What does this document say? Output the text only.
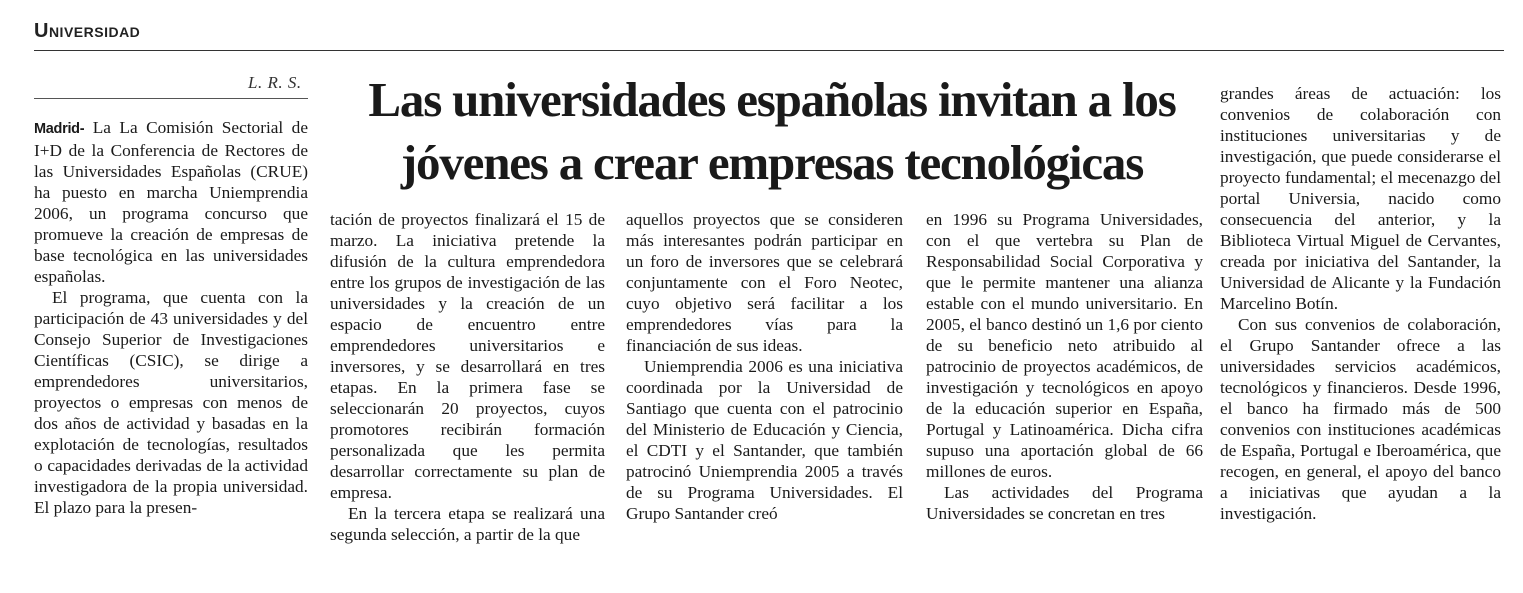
Universidad
L. R. S.	Las universidades españolas invitan a los jóvenes a crear empresas tecnológicas

Madrid- La La Comisión Sectorial de I+D de la Conferencia de Rectores de las Universidades Españolas (CRUE) ha puesto en marcha Uniemprendia 2006, un programa concurso que promueve la creación de empresas de base tecnológica en las universidades españolas.

El programa, que cuenta con la participación de 43 universidades y del Consejo Superior de Investigaciones Científicas (CSIC), se dirige a emprendedores universitarios, proyectos o empresas con menos de dos años de actividad y basadas en la explotación de tecnologías, resultados o capacidades derivadas de la actividad investigadora de la propia universidad. El plazo para la presen-

tación de proyectos finalizará el 15 de marzo. La iniciativa pretende la difusión de la cultura emprendedora entre los grupos de investigación de las universidades y la creación de un espacio de encuentro entre emprendedores universitarios e inversores, y se desarrollará en tres etapas. En la primera fase se seleccionarán 20 proyectos, cuyos promotores recibirán formación personalizada que les permita desarrollar correctamente su plan de empresa.

En la tercera etapa se realizará una segunda selección, a partir de la que

aquellos proyectos que se consideren más interesantes podrán participar en un foro de inversores que se celebrará conjuntamente con el Foro Neotec, cuyo objetivo será facilitar a los emprendedores vías para la financiación de sus ideas.

Uniemprendia 2006 es una iniciativa coordinada por la Universidad de Santiago que cuenta con el patrocinio del Ministerio de Educación y Ciencia, el CDTI y el Santander, que también patrocinó Uniemprendia 2005 a través de su Programa Universidades. El Grupo Santander creó

en 1996 su Programa Universidades, con el que vertebra su Plan de Responsabilidad Social Corporativa y que le permite mantener una alianza estable con el mundo universitario. En 2005, el banco destinó un 1,6 por ciento de su beneficio neto atribuido al patrocinio de proyectos académicos, de investigación y tecnológicos en apoyo de la educación superior en España, Portugal y Latinoamérica. Dicha cifra supuso una aportación global de 66 millones de euros.

Las actividades del Programa Universidades se concretan en tres

grandes áreas de actuación: los convenios de colaboración con instituciones universitarias y de investigación, que puede considerarse el proyecto fundamental; el mecenazgo del portal Universia, nacido como consecuencia del anterior, y la Biblioteca Virtual Miguel de Cervantes, creada por iniciativa del Santander, la Universidad de Alicante y la Fundación Marcelino Botín.

Con sus convenios de colaboración, el Grupo Santander ofrece a las universidades servicios académicos, tecnológicos y financieros. Desde 1996, el banco ha firmado más de 500 convenios con instituciones académicas de España, Portugal e Iberoamérica, que recogen, en general, el apoyo del banco a iniciativas que ayudan a la investigación.
